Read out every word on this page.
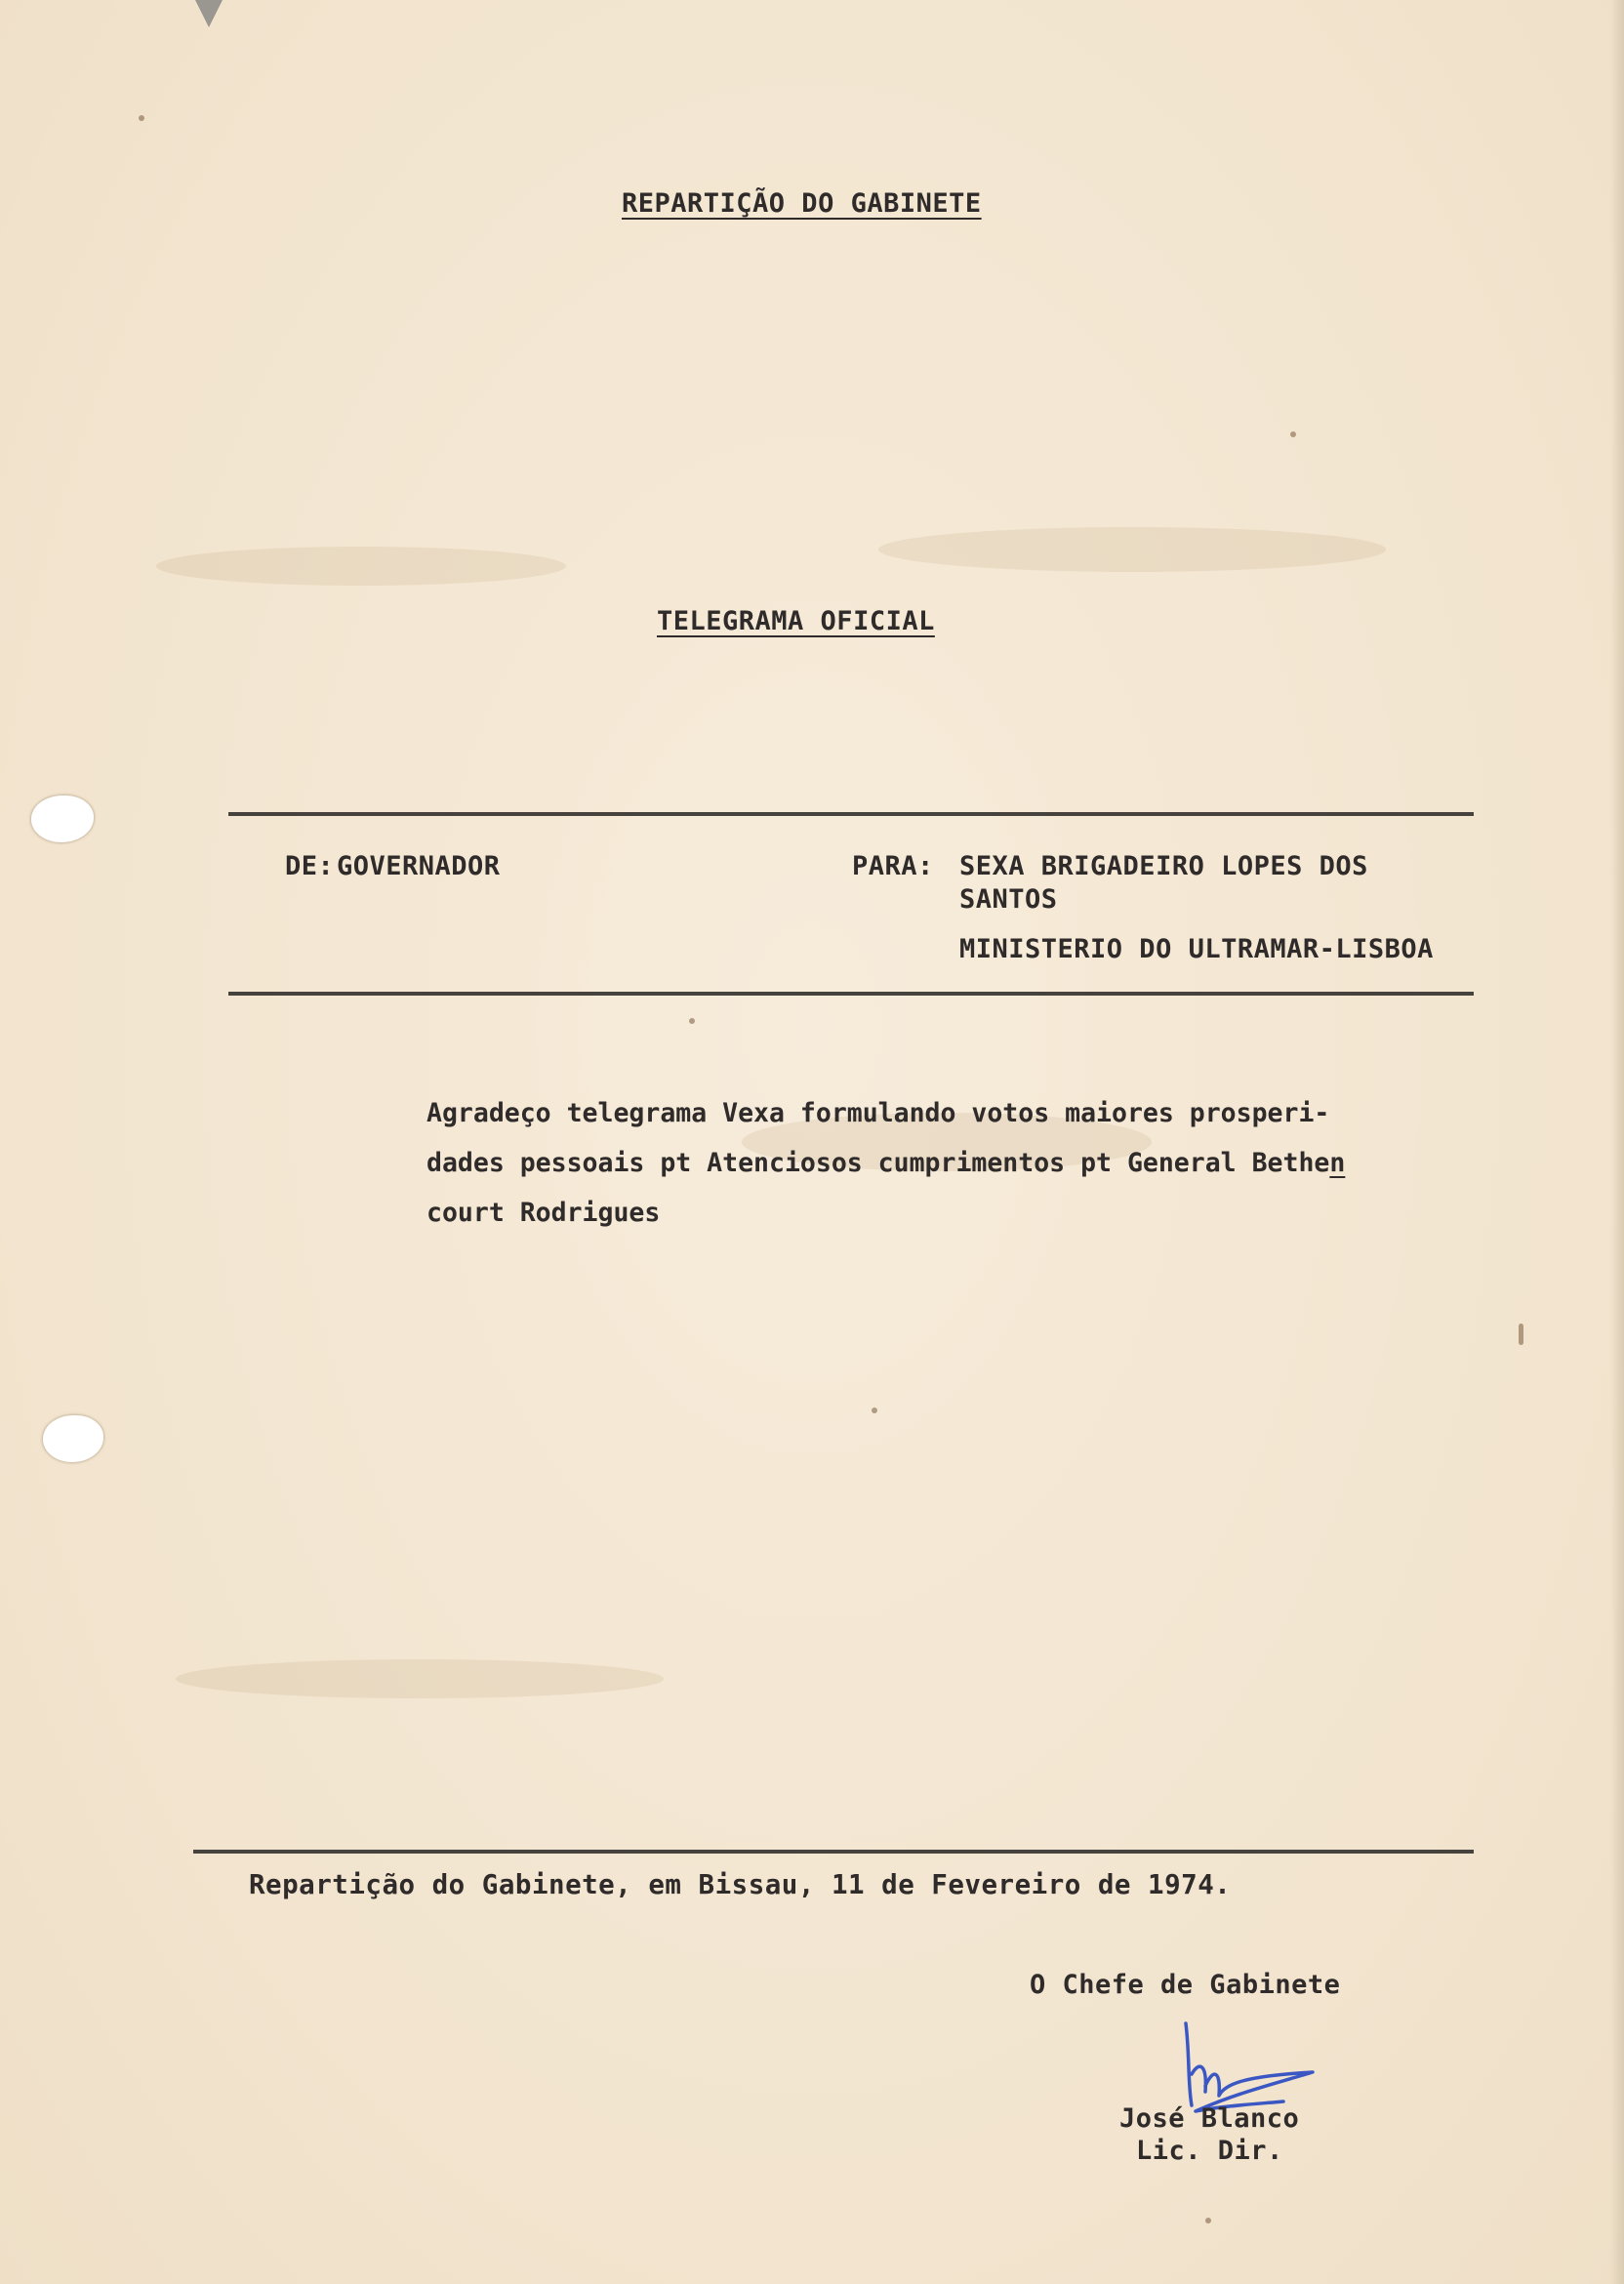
REPARTIÇÃO DO GABINETE
TELEGRAMA OFICIAL
DE: GOVERNADOR	PARA: SEXA BRIGADEIRO LOPES DOS
SANTOS
MINISTERIO DO ULTRAMAR-LISBOA
Agradeço telegrama Vexa formulando votos maiores prosperi-
dades pessoais pt Atenciosos cumprimentos pt General Bethen
court Rodrigues
Repartição do Gabinete, em Bissau, 11 de Fevereiro de 1974.
O Chefe de Gabinete
José Blanco
Lic. Dir.
